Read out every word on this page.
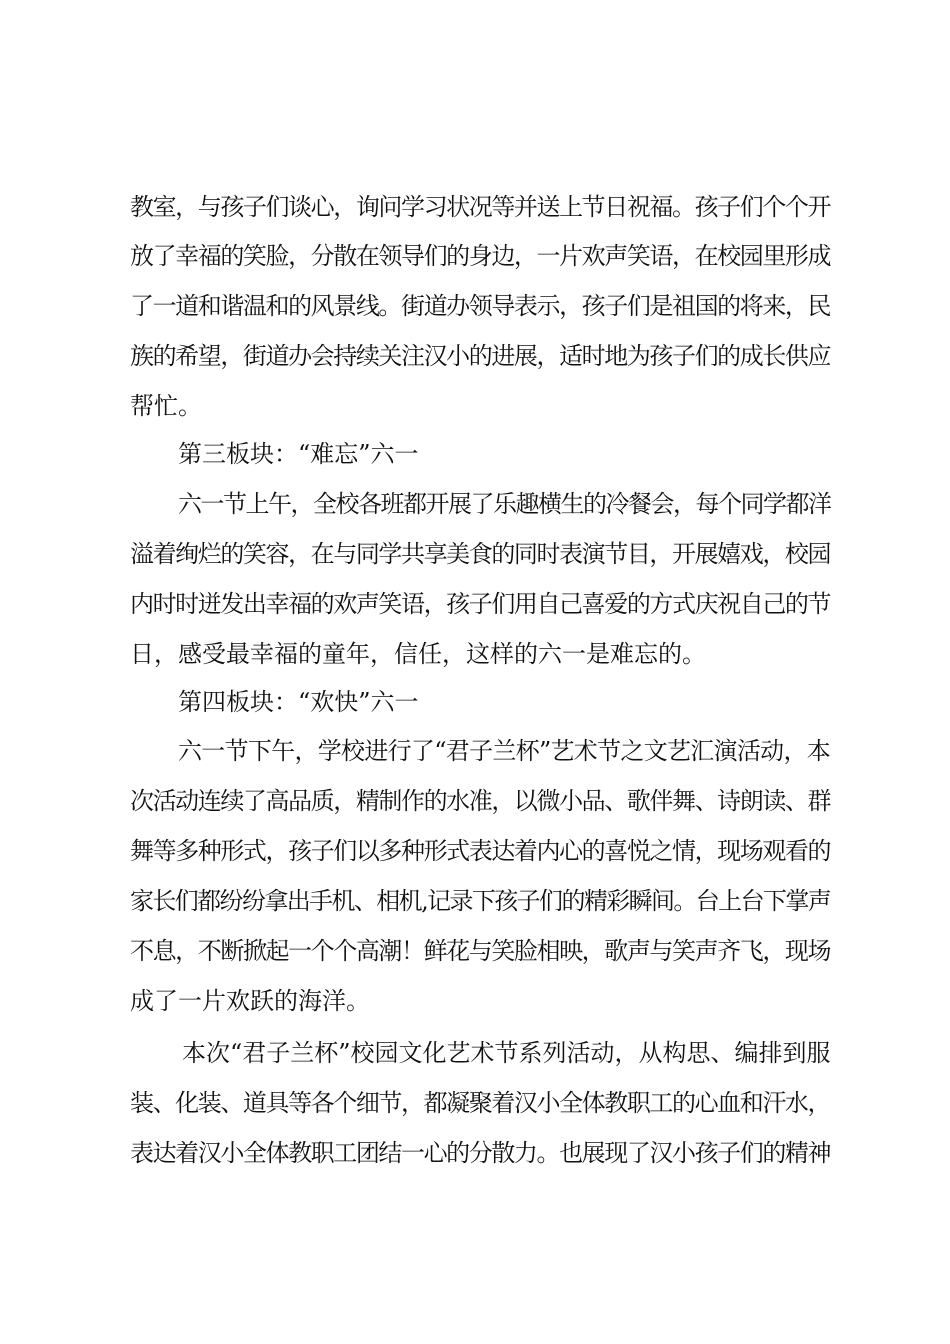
教室，与孩子们谈心，询问学习状况等并送上节日祝福。孩子们个个开
放了幸福的笑脸，分散在领导们的身边，一片欢声笑语，在校园里形成
了一道和谐温和的风景线。街道办领导表示，孩子们是祖国的将来，民
族的希望，街道办会持续关注汉小的进展，适时地为孩子们的成长供应
帮忙。
第三板块：“难忘”六一
六一节上午，全校各班都开展了乐趣横生的冷餐会，每个同学都洋
溢着绚烂的笑容，在与同学共享美食的同时表演节目，开展嬉戏，校园
内时时迸发出幸福的欢声笑语，孩子们用自己喜爱的方式庆祝自己的节
日，感受最幸福的童年，信任，这样的六一是难忘的。
第四板块：“欢快”六一
六一节下午，学校进行了“君子兰杯”艺术节之文艺汇演活动，本
次活动连续了高品质，精制作的水准，以微小品、歌伴舞、诗朗读、群
舞等多种形式，孩子们以多种形式表达着内心的喜悦之情，现场观看的
家长们都纷纷拿出手机、相机,记录下孩子们的精彩瞬间。台上台下掌声
不息，不断掀起一个个高潮！鲜花与笑脸相映，歌声与笑声齐飞，现场
成了一片欢跃的海洋。
本次“君子兰杯”校园文化艺术节系列活动，从构思、编排到服
装、化装、道具等各个细节，都凝聚着汉小全体教职工的心血和汗水，
表达着汉小全体教职工团结一心的分散力。也展现了汉小孩子们的精神
